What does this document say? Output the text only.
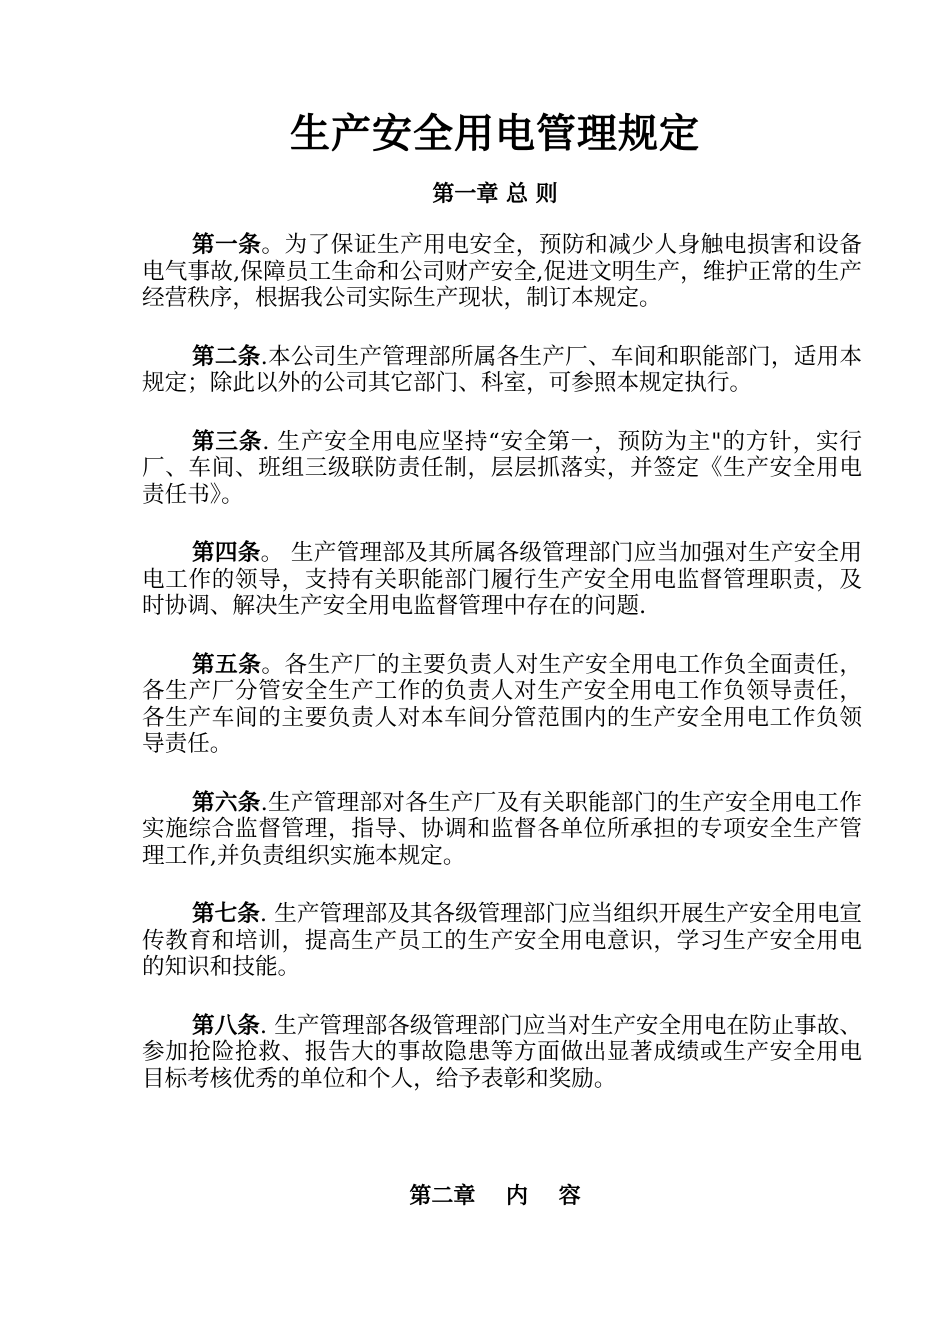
生产安全用电管理规定
第一章 总 则

第一条。为了保证生产用电安全，预防和减少人身触电损害和设备电气事故,保障员工生命和公司财产安全,促进文明生产，维护正常的生产经营秩序，根据我公司实际生产现状，制订本规定。

第二条.本公司生产管理部所属各生产厂、车间和职能部门，适用本规定；除此以外的公司其它部门、科室，可参照本规定执行。

第三条. 生产安全用电应坚持“安全第一，预防为主"的方针，实行厂、车间、班组三级联防责任制，层层抓落实，并签定《生产安全用电责任书》。

第四条。 生产管理部及其所属各级管理部门应当加强对生产安全用电工作的领导，支持有关职能部门履行生产安全用电监督管理职责，及时协调、解决生产安全用电监督管理中存在的问题.

第五条。各生产厂的主要负责人对生产安全用电工作负全面责任，各生产厂分管安全生产工作的负责人对生产安全用电工作负领导责任，各生产车间的主要负责人对本车间分管范围内的生产安全用电工作负领导责任。

第六条.生产管理部对各生产厂及有关职能部门的生产安全用电工作实施综合监督管理，指导、协调和监督各单位所承担的专项安全生产管理工作,并负责组织实施本规定。

第七条. 生产管理部及其各级管理部门应当组织开展生产安全用电宣传教育和培训，提高生产员工的生产安全用电意识，学习生产安全用电的知识和技能。

第八条. 生产管理部各级管理部门应当对生产安全用电在防止事故、参加抢险抢救、报告大的事故隐患等方面做出显著成绩或生产安全用电目标考核优秀的单位和个人，给予表彰和奖励。

第二章    内    容
